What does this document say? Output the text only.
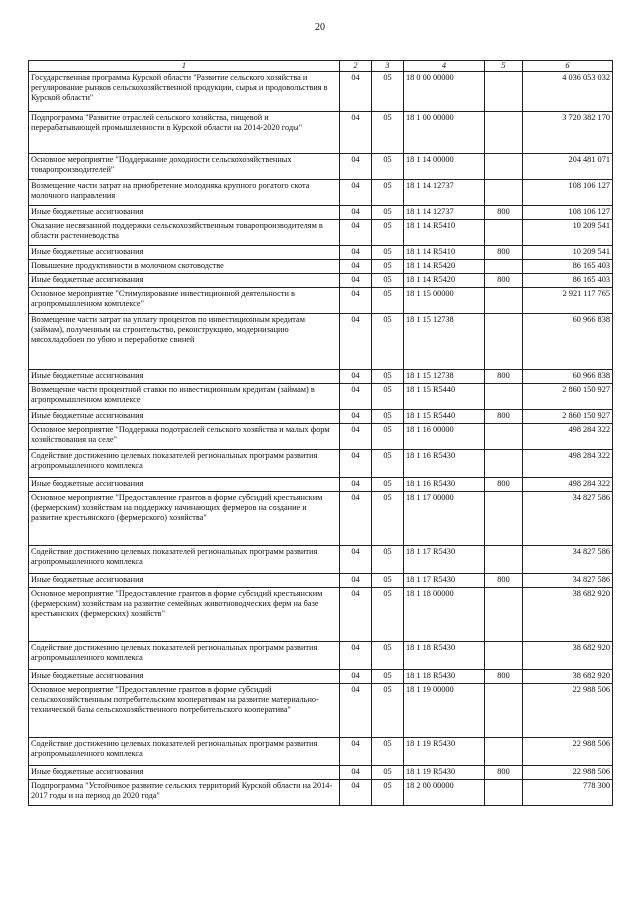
20
1	2	3	4	5	6
Государственная программа Курской области "Развитие сельского хозяйства и регулирование рынков сельскохозяйственной продукции, сырья и продовольствия в Курской области"	04	05	18 0 00 00000		4 036 053 032
Подпрограмма "Развитие отраслей сельского хозяйства, пищевой и перерабатывающей промышленности в Курской области на 2014-2020 годы"	04	05	18 1 00 00000		3 720 382 170
Основное мероприятие "Поддержание доходности сельскохозяйственных товаропроизводителей"	04	05	18 1 14 00000		204 481 071
Возмещение части затрат на приобретение молодняка крупного рогатого скота молочного направления	04	05	18 1 14 12737		108 106 127
Иные бюджетные ассигнования	04	05	18 1 14 12737	800	108 106 127
Оказание несвязанной поддержки сельскохозяйственным товаропроизводителям в области растениеводства	04	05	18 1 14 R5410		10 209 541
Иные бюджетные ассигнования	04	05	18 1 14 R5410	800	10 209 541
Повышение продуктивности в молочном скотоводстве	04	05	18 1 14 R5420		86 165 403
Иные бюджетные ассигнования	04	05	18 1 14 R5420	800	86 165 403
Основное мероприятие "Стимулирование инвестиционной деятельности в агропромышленном комплексе"	04	05	18 1 15 00000		2 921 117 765
Возмещение части затрат на уплату процентов по инвестиционным кредитам (займам), полученным на строительство, реконструкцию, модернизацию мясохладобоен по убою и переработке свиней	04	05	18 1 15 12738		60 966 838
Иные бюджетные ассигнования	04	05	18 1 15 12738	800	60 966 838
Возмещение части процентной ставки по инвестиционным кредитам (займам) в агропромышленном комплексе	04	05	18 1 15 R5440		2 860 150 927
Иные бюджетные ассигнования	04	05	18 1 15 R5440	800	2 860 150 927
Основное мероприятие "Поддержка подотраслей сельского хозяйства и малых форм хозяйствования на селе"	04	05	18 1 16 00000		498 284 322
Содействие достижению целевых показателей региональных программ развития агропромышленного комплекса	04	05	18 1 16 R5430		498 284 322
Иные бюджетные ассигнования	04	05	18 1 16 R5430	800	498 284 322
Основное мероприятие "Предоставление грантов в форме субсидий крестьянским (фермерским) хозяйствам на поддержку начинающих фермеров на создание и развитие крестьянского (фермерского) хозяйства"	04	05	18 1 17 00000		34 827 586
Содействие достижению целевых показателей региональных программ развития агропромышленного комплекса	04	05	18 1 17 R5430		34 827 586
Иные бюджетные ассигнования	04	05	18 1 17 R5430	800	34 827 586
Основное мероприятие "Предоставление грантов в форме субсидий крестьянским (фермерским) хозяйствам на развитие семейных животноводческих ферм на базе крестьянских (фермерских) хозяйств"	04	05	18 1 18 00000		38 682 920
Содействие достижению целевых показателей региональных программ развития агропромышленного комплекса	04	05	18 1 18 R5430		38 682 920
Иные бюджетные ассигнования	04	05	18 1 18 R5430	800	38 682 920
Основное мероприятие "Предоставление грантов в форме субсидий сельскохозяйственным потребительским кооперативам на развитие материально-технической базы сельскохозяйственного потребительского кооператива"	04	05	18 1 19 00000		22 988 506
Содействие достижению целевых показателей региональных программ развития агропромышленного комплекса	04	05	18 1 19 R5430		22 988 506
Иные бюджетные ассигнования	04	05	18 1 19 R5430	800	22 988 506
Подпрограмма "Устойчивое развитие сельских территорий Курской области на 2014-2017 годы и на период до 2020 года"	04	05	18 2 00 00000		778 300
